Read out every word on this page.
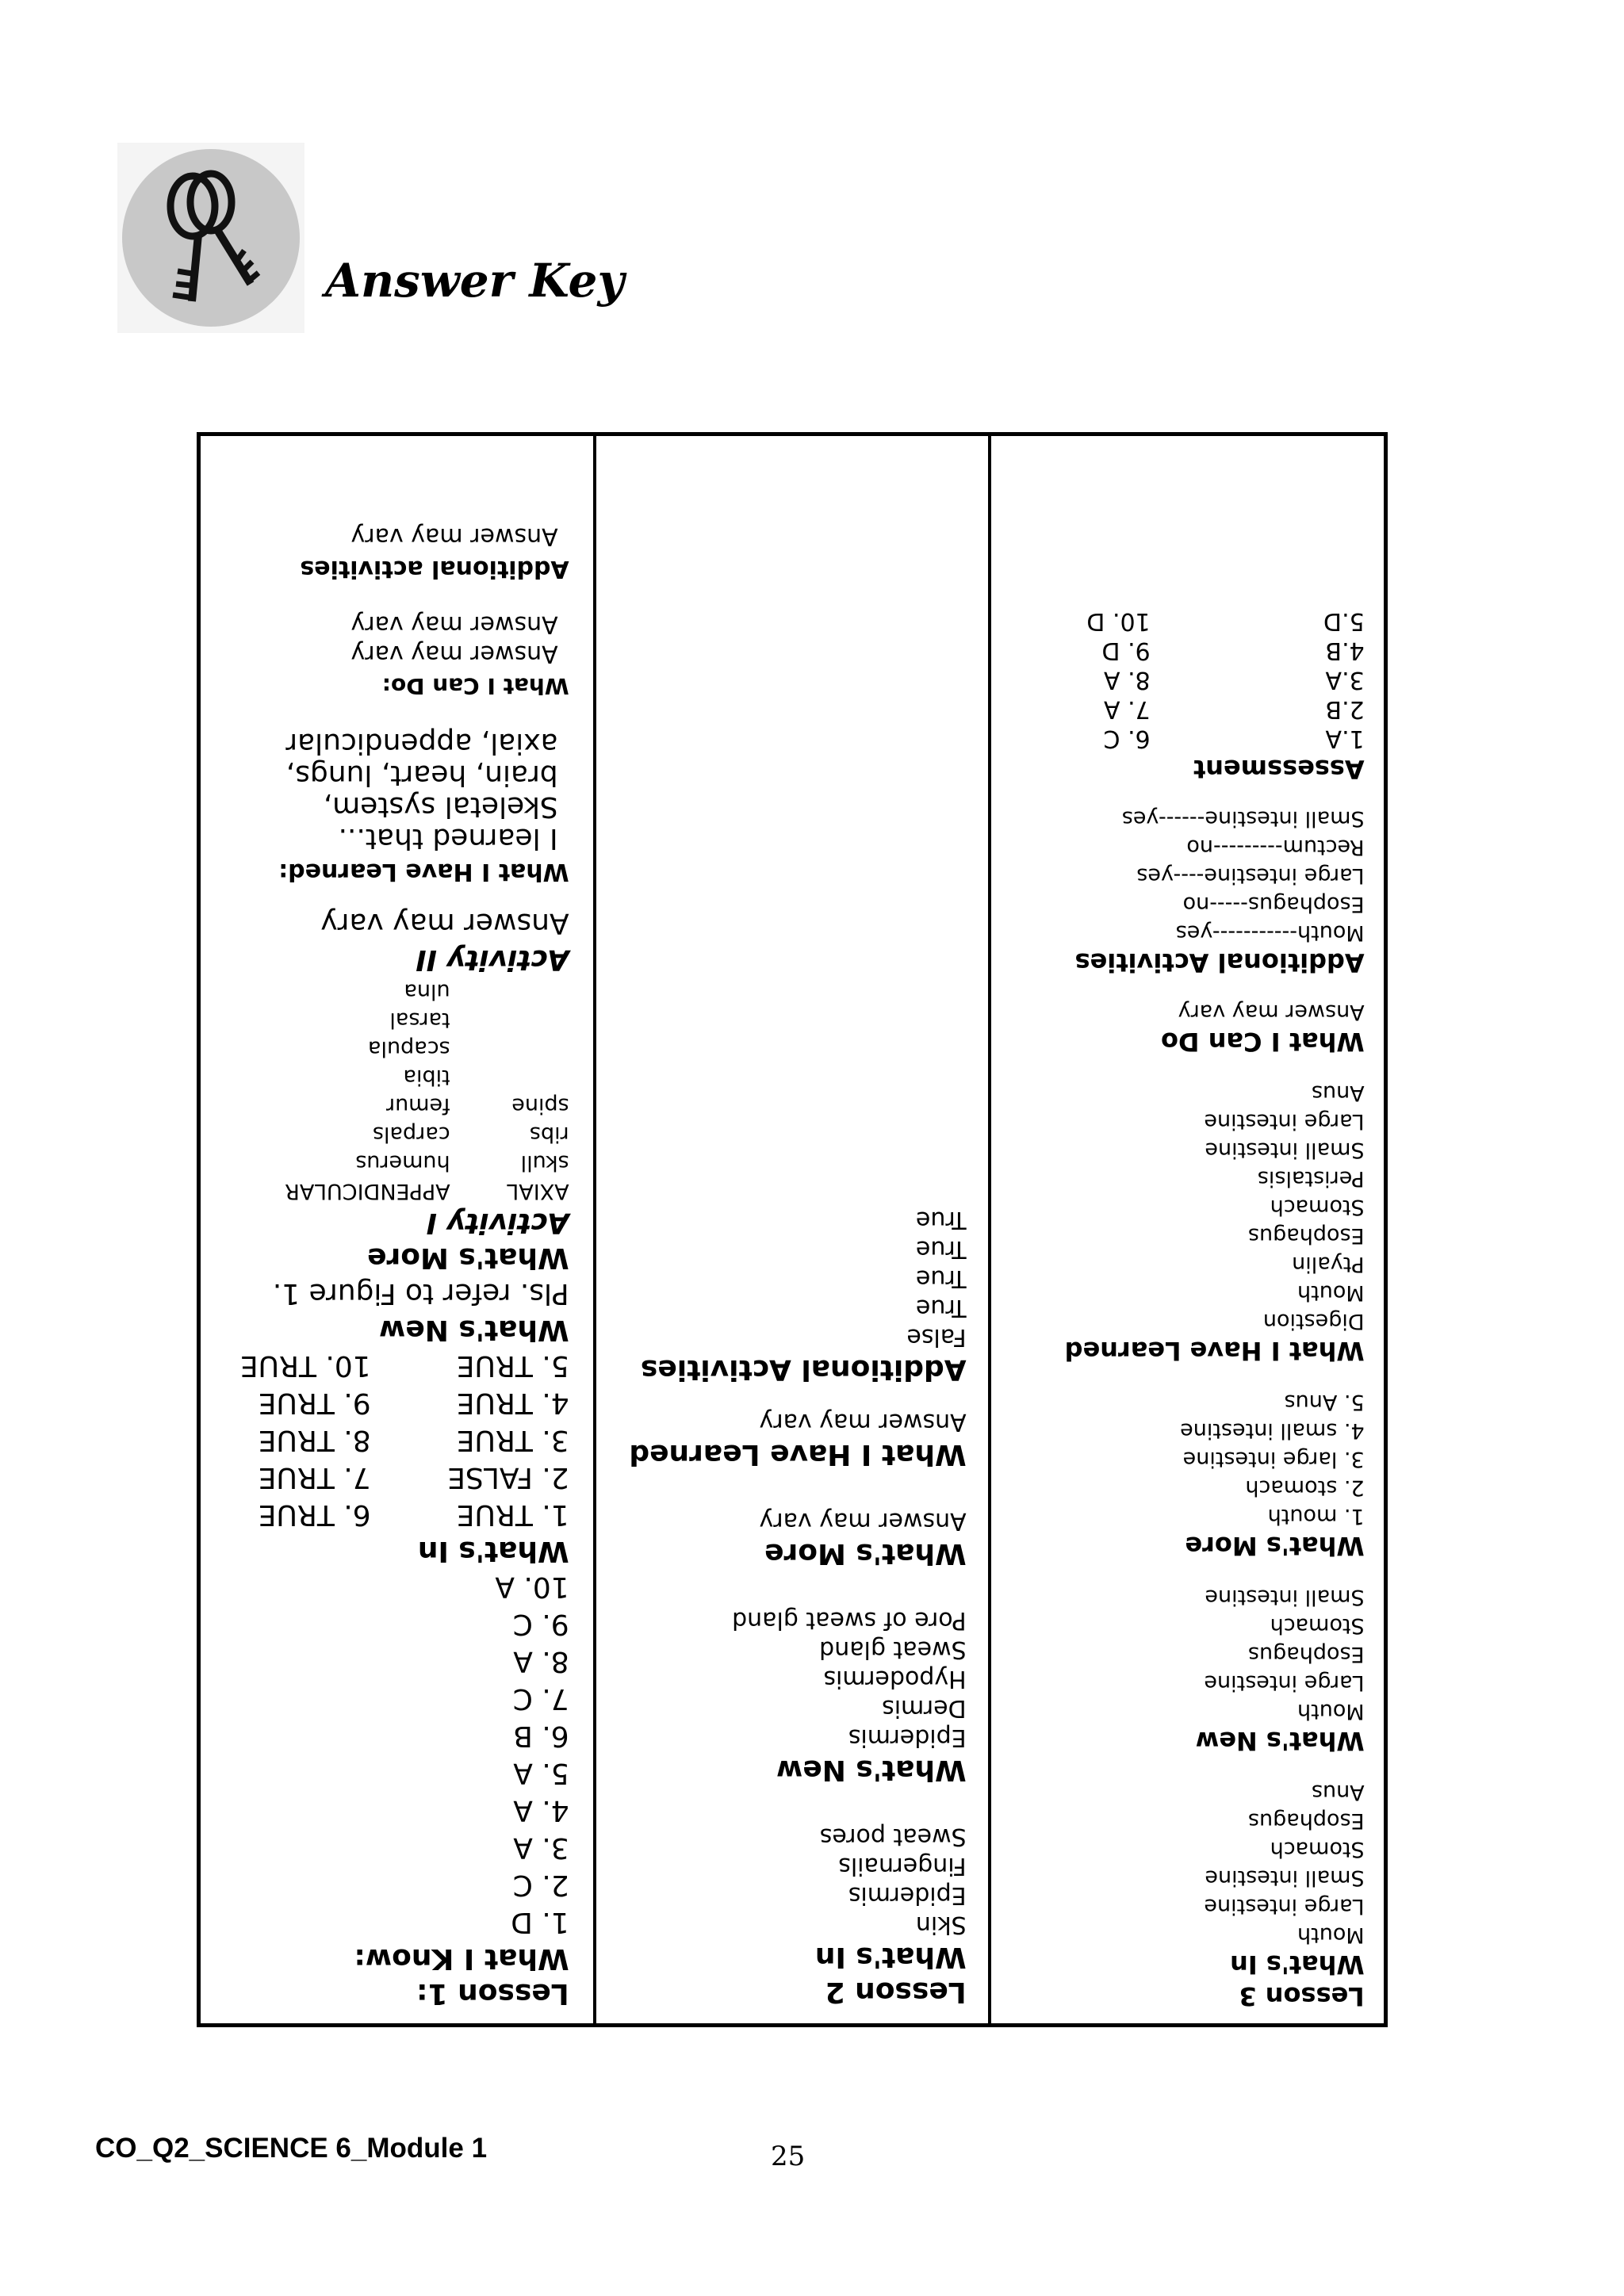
Answer Key

Lesson 1:

What I Know:

1. D

2. C

3. A

4. A

5. A

6. B

7. C

8. A

9. C

10. A

What's In

1. TRUE

6. TRUE

2. FALSE

7. TRUE

3. TRUE

8. TRUE

4. TRUE

9. TRUE

5. TRUE

10. TRUE

What's New

Pls. refer to Figure 1.

What's More

Activity I

AXIAL

APPENDICULAR

skull

humerus

ribs

carpals

spine

femur

tibia

scapula

tarsal

ulna

Activity II

Answer may vary

What I Have Learned:

I learned that...

Skeletal system,

brain, heart, lungs,

axial, appendicular

What I Can Do:

Answer may vary

Answer may vary

Additional activities

Answer may vary

Lesson 2

What's In

Skin

Epidermis

Fingernails

Sweat pores

What's New

Epidermis

Dermis

Hypodermis

Sweat gland

Pore of sweat gland

What's More

Answer may vary

What I Have Learned

Answer may vary

Additional Activities

False

True

True

True

True

Lesson 3

What's In

Mouth

Large intestine

Small intestine

Stomach

Esophagus

Anus

What's New

Mouth

Large intestine

Esophagus

Stomach

Small intestine

What's More

1. mouth

2. stomach

3. large intestine

4. small intestine

5. Anus

What I Have Learned

Digestion

Mouth

Ptyalin

Esophagus

Stomach

Peristalsis

Small intestine

Large intestine

Anus

What I Can Do

Answer may vary

Additional Activities

Mouth-----------yes

Esophagus-----no

Large intestine----yes

Rectum---------no

Small intestine------yes

Assessment

1.A

6. C

2.B

7. A

3.A

8. A

4.B

9. D

5.D

10. D

CO_Q2_SCIENCE 6_Module 1	25
